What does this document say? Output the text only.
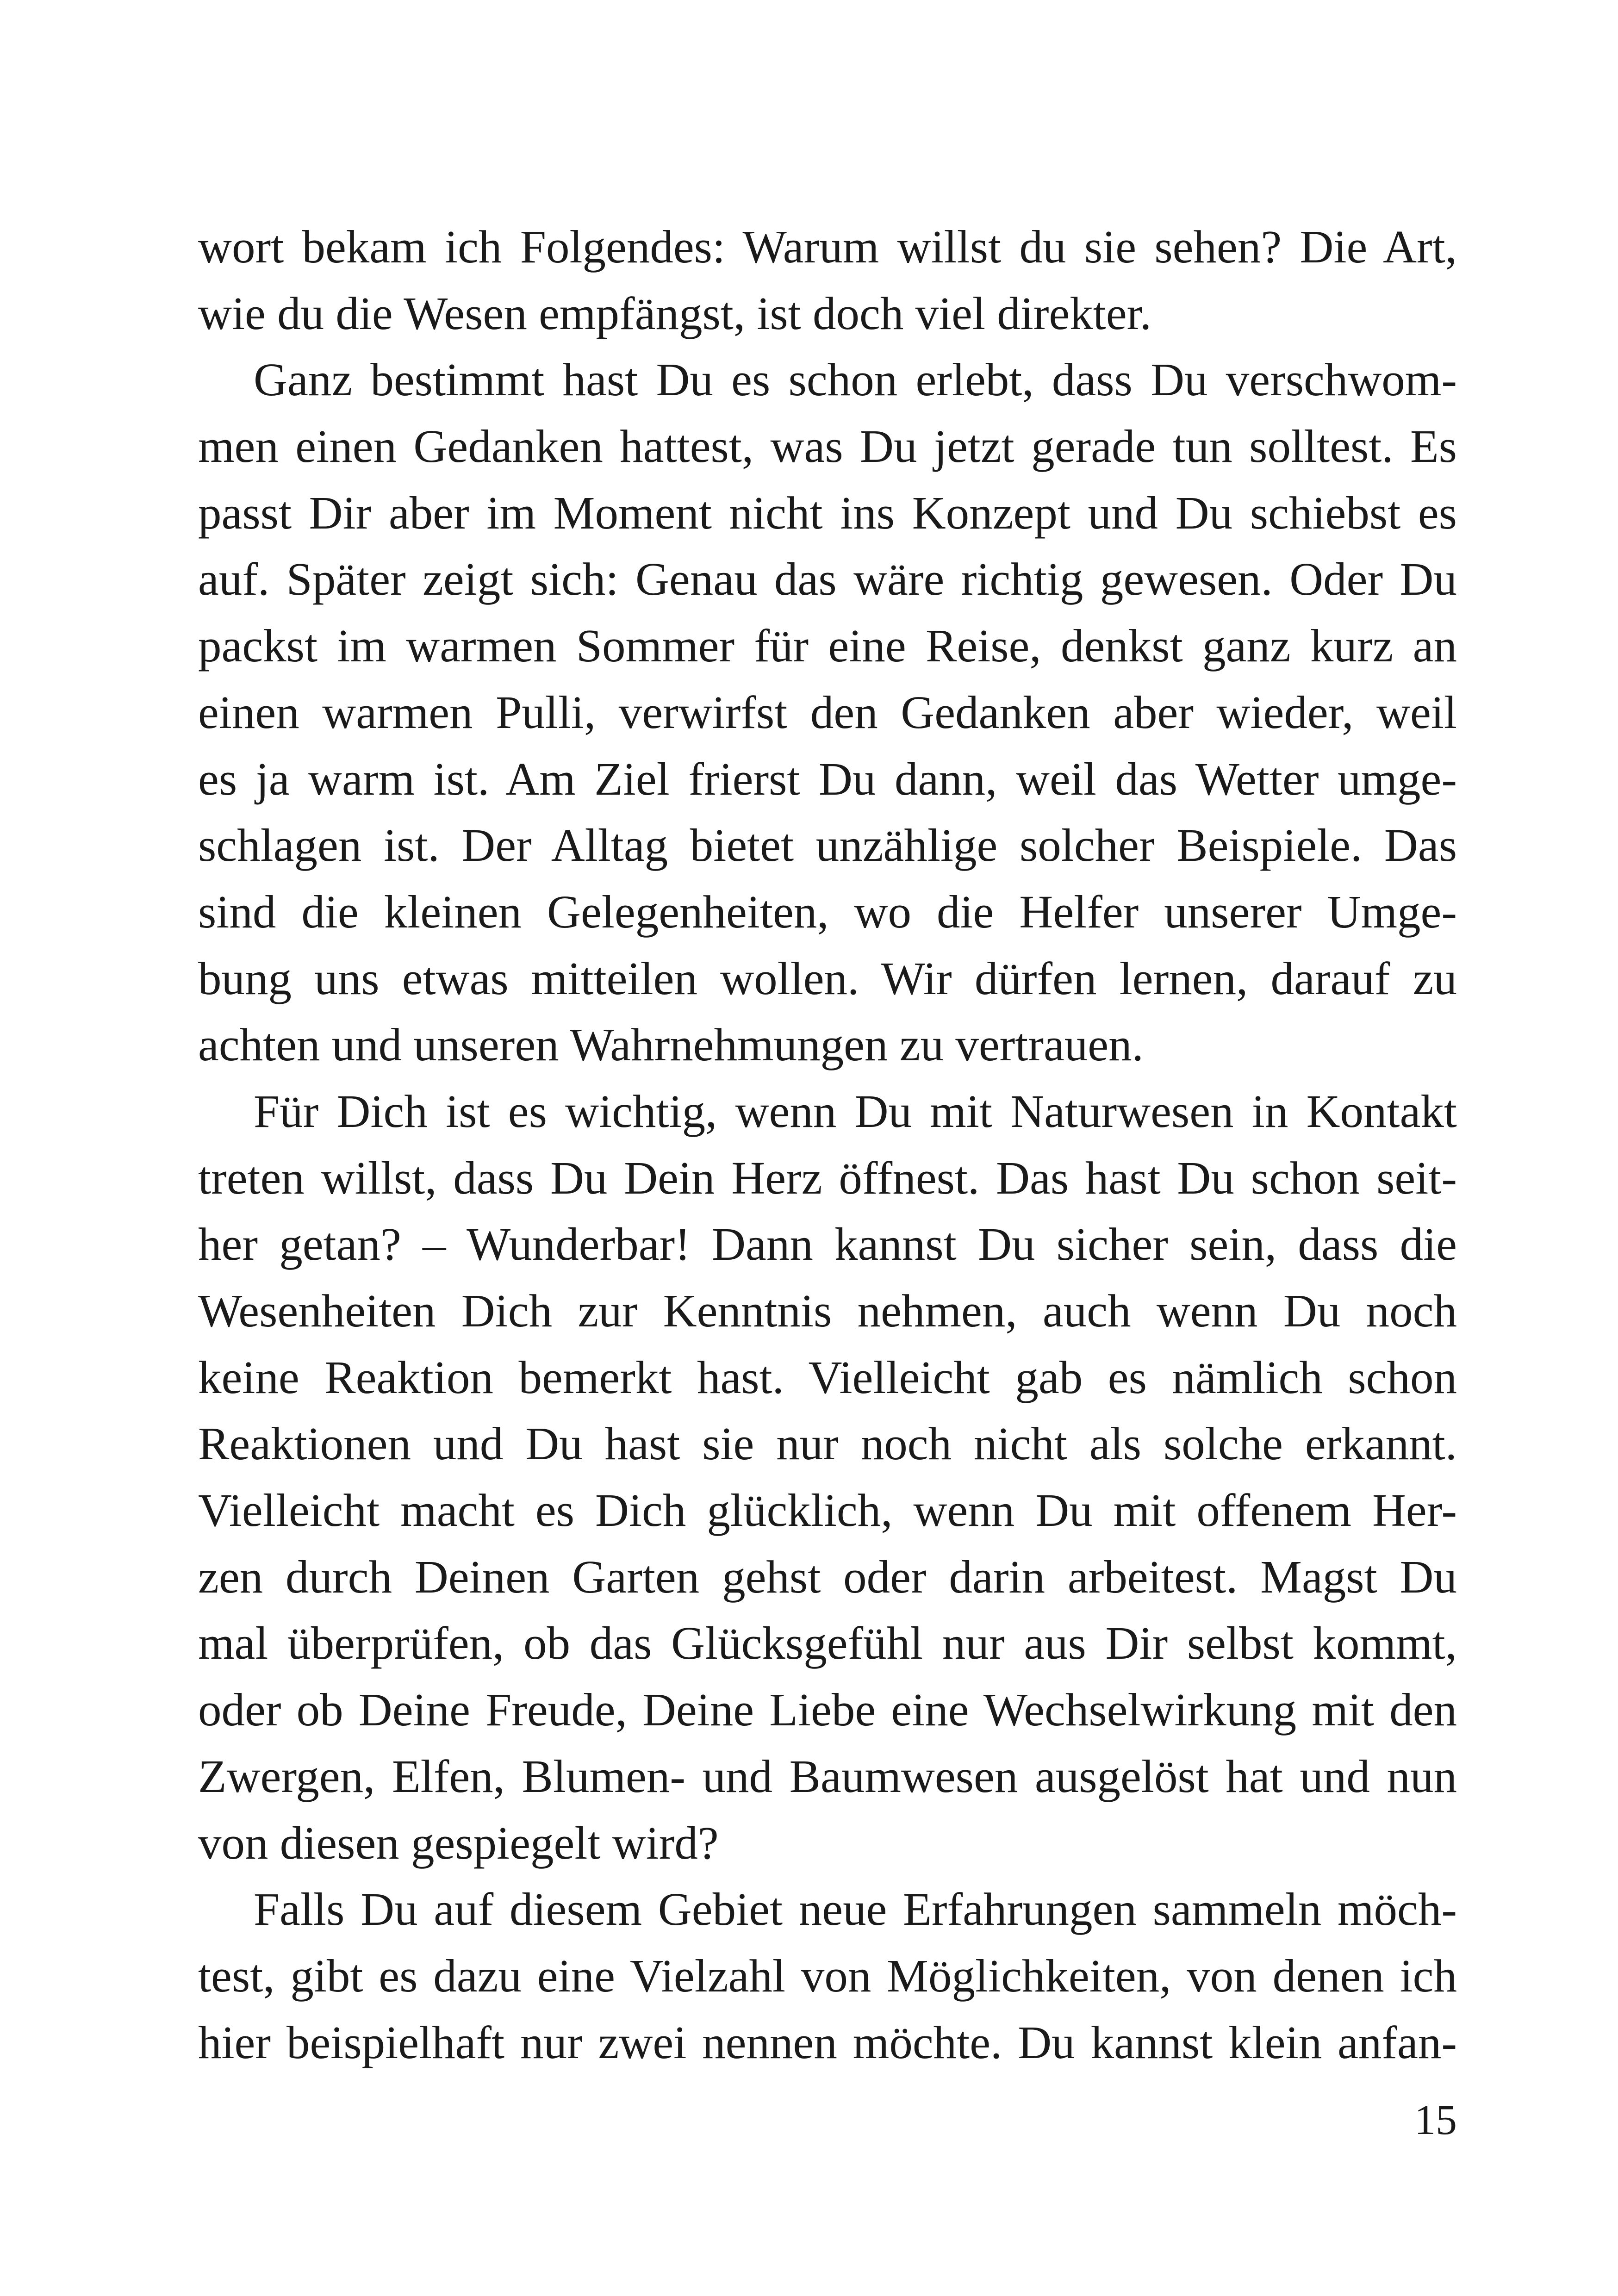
wort bekam ich Folgendes: Warum willst du sie sehen? Die Art,
wie du die Wesen empfängst, ist doch viel direkter.
Ganz bestimmt hast Du es schon erlebt, dass Du verschwom-
men einen Gedanken hattest, was Du jetzt gerade tun solltest. Es
passt Dir aber im Moment nicht ins Konzept und Du schiebst es
auf. Später zeigt sich: Genau das wäre richtig gewesen. Oder Du
packst im warmen Sommer für eine Reise, denkst ganz kurz an
einen warmen Pulli, verwirfst den Gedanken aber wieder, weil
es ja warm ist. Am Ziel frierst Du dann, weil das Wetter umge-
schlagen ist. Der Alltag bietet unzählige solcher Beispiele. Das
sind die kleinen Gelegenheiten, wo die Helfer unserer Umge-
bung uns etwas mitteilen wollen. Wir dürfen lernen, darauf zu
achten und unseren Wahrnehmungen zu vertrauen.
Für Dich ist es wichtig, wenn Du mit Naturwesen in Kontakt
treten willst, dass Du Dein Herz öffnest. Das hast Du schon seit-
her getan? – Wunderbar! Dann kannst Du sicher sein, dass die
Wesenheiten Dich zur Kenntnis nehmen, auch wenn Du noch
keine Reaktion bemerkt hast. Vielleicht gab es nämlich schon
Reaktionen und Du hast sie nur noch nicht als solche erkannt.
Vielleicht macht es Dich glücklich, wenn Du mit offenem Her-
zen durch Deinen Garten gehst oder darin arbeitest. Magst Du
mal überprüfen, ob das Glücksgefühl nur aus Dir selbst kommt,
oder ob Deine Freude, Deine Liebe eine Wechselwirkung mit den
Zwergen, Elfen, Blumen- und Baumwesen ausgelöst hat und nun
von diesen gespiegelt wird?
Falls Du auf diesem Gebiet neue Erfahrungen sammeln möch-
test, gibt es dazu eine Vielzahl von Möglichkeiten, von denen ich
hier beispielhaft nur zwei nennen möchte. Du kannst klein anfan-
15
